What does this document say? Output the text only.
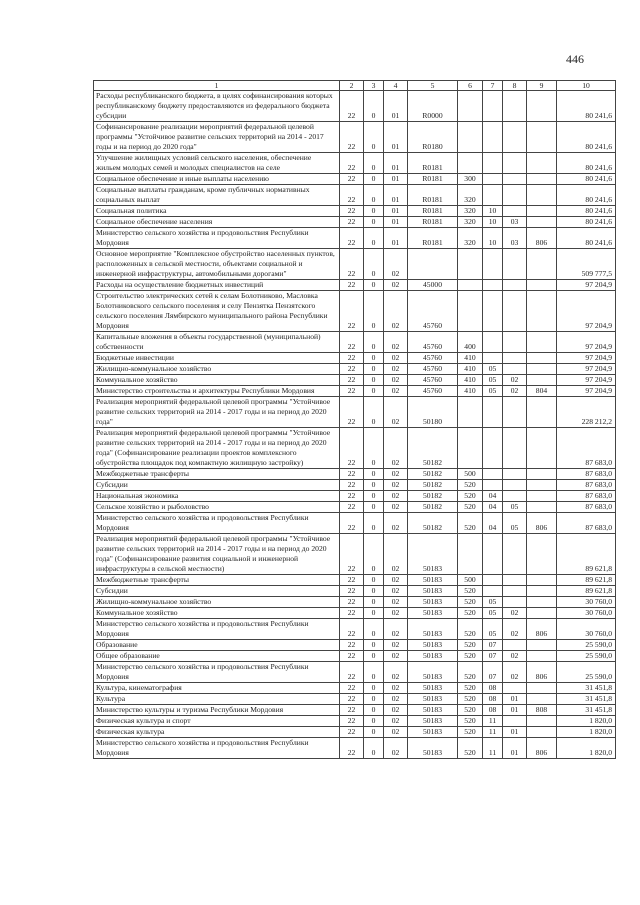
446
1	2	3	4	5	6	7	8	9	10
Расходы республиканского бюджета, в целях софинансирования которых республиканскому бюджету предоставляются из федерального бюджета субсидии	22	0	01	R0000					80 241,6
Софинансирование реализации мероприятий федеральной целевой программы "Устойчивое развитие сельских территорий на 2014 - 2017 годы и на период до 2020 года"	22	0	01	R0180					80 241,6
Улучшение жилищных условий сельского населения, обеспечение жильем молодых семей и молодых специалистов на селе	22	0	01	R0181					80 241,6
Социальное обеспечение и иные выплаты населению	22	0	01	R0181	300				80 241,6
Социальные выплаты гражданам, кроме публичных нормативных социальных выплат	22	0	01	R0181	320				80 241,6
Социальная политика	22	0	01	R0181	320	10			80 241,6
Социальное обеспечение населения	22	0	01	R0181	320	10	03		80 241,6
Министерство сельского хозяйства и продовольствия Республики Мордовия	22	0	01	R0181	320	10	03	806	80 241,6
Основное мероприятие "Комплексное обустройство населенных пунктов, расположенных в сельской местности, объектами социальной и инженерной инфраструктуры, автомобильными дорогами"	22	0	02						509 777,5
Расходы на осуществление бюджетных инвестиций	22	0	02	45000					97 204,9
Строительство электрических сетей к селам Болотниково, Масловка Болотниковского сельского поселения и селу Пензятка Пензятского сельского поселения Лямбирского муниципального района Республики Мордовия	22	0	02	45760					97 204,9
Капитальные вложения в объекты государственной (муниципальной) собственности	22	0	02	45760	400				97 204,9
Бюджетные инвестиции	22	0	02	45760	410				97 204,9
Жилищно-коммунальное хозяйство	22	0	02	45760	410	05			97 204,9
Коммунальное хозяйство	22	0	02	45760	410	05	02		97 204,9
Министерство строительства и архитектуры Республики Мордовия	22	0	02	45760	410	05	02	804	97 204,9
Реализация мероприятий федеральной целевой программы "Устойчивое развитие сельских территорий на 2014 - 2017 годы и на период до 2020 года"	22	0	02	50180					228 212,2
Реализация мероприятий федеральной целевой программы "Устойчивое развитие сельских территорий на 2014 - 2017 годы и на период до 2020 года" (Софинансирование реализации проектов комплексного обустройства площадок под компактную жилищную застройку)	22	0	02	50182					87 683,0
Межбюджетные трансферты	22	0	02	50182	500				87 683,0
Субсидии	22	0	02	50182	520				87 683,0
Национальная экономика	22	0	02	50182	520	04			87 683,0
Сельское хозяйство и рыболовство	22	0	02	50182	520	04	05		87 683,0
Министерство сельского хозяйства и продовольствия Республики Мордовия	22	0	02	50182	520	04	05	806	87 683,0
Реализация мероприятий федеральной целевой программы "Устойчивое развитие сельских территорий на 2014 - 2017 годы и на период до 2020 года" (Софинансирование развития социальной и инженерной инфраструктуры в сельской местности)	22	0	02	50183					89 621,8
Межбюджетные трансферты	22	0	02	50183	500				89 621,8
Субсидии	22	0	02	50183	520				89 621,8
Жилищно-коммунальное хозяйство	22	0	02	50183	520	05			30 760,0
Коммунальное хозяйство	22	0	02	50183	520	05	02		30 760,0
Министерство сельского хозяйства и продовольствия Республики Мордовия	22	0	02	50183	520	05	02	806	30 760,0
Образование	22	0	02	50183	520	07			25 590,0
Общее образование	22	0	02	50183	520	07	02		25 590,0
Министерство сельского хозяйства и продовольствия Республики Мордовия	22	0	02	50183	520	07	02	806	25 590,0
Культура, кинематография	22	0	02	50183	520	08			31 451,8
Культура	22	0	02	50183	520	08	01		31 451,8
Министерство культуры и туризма Республики Мордовия	22	0	02	50183	520	08	01	808	31 451,8
Физическая культура и спорт	22	0	02	50183	520	11			1 820,0
Физическая культура	22	0	02	50183	520	11	01		1 820,0
Министерство сельского хозяйства и продовольствия Республики Мордовия	22	0	02	50183	520	11	01	806	1 820,0
